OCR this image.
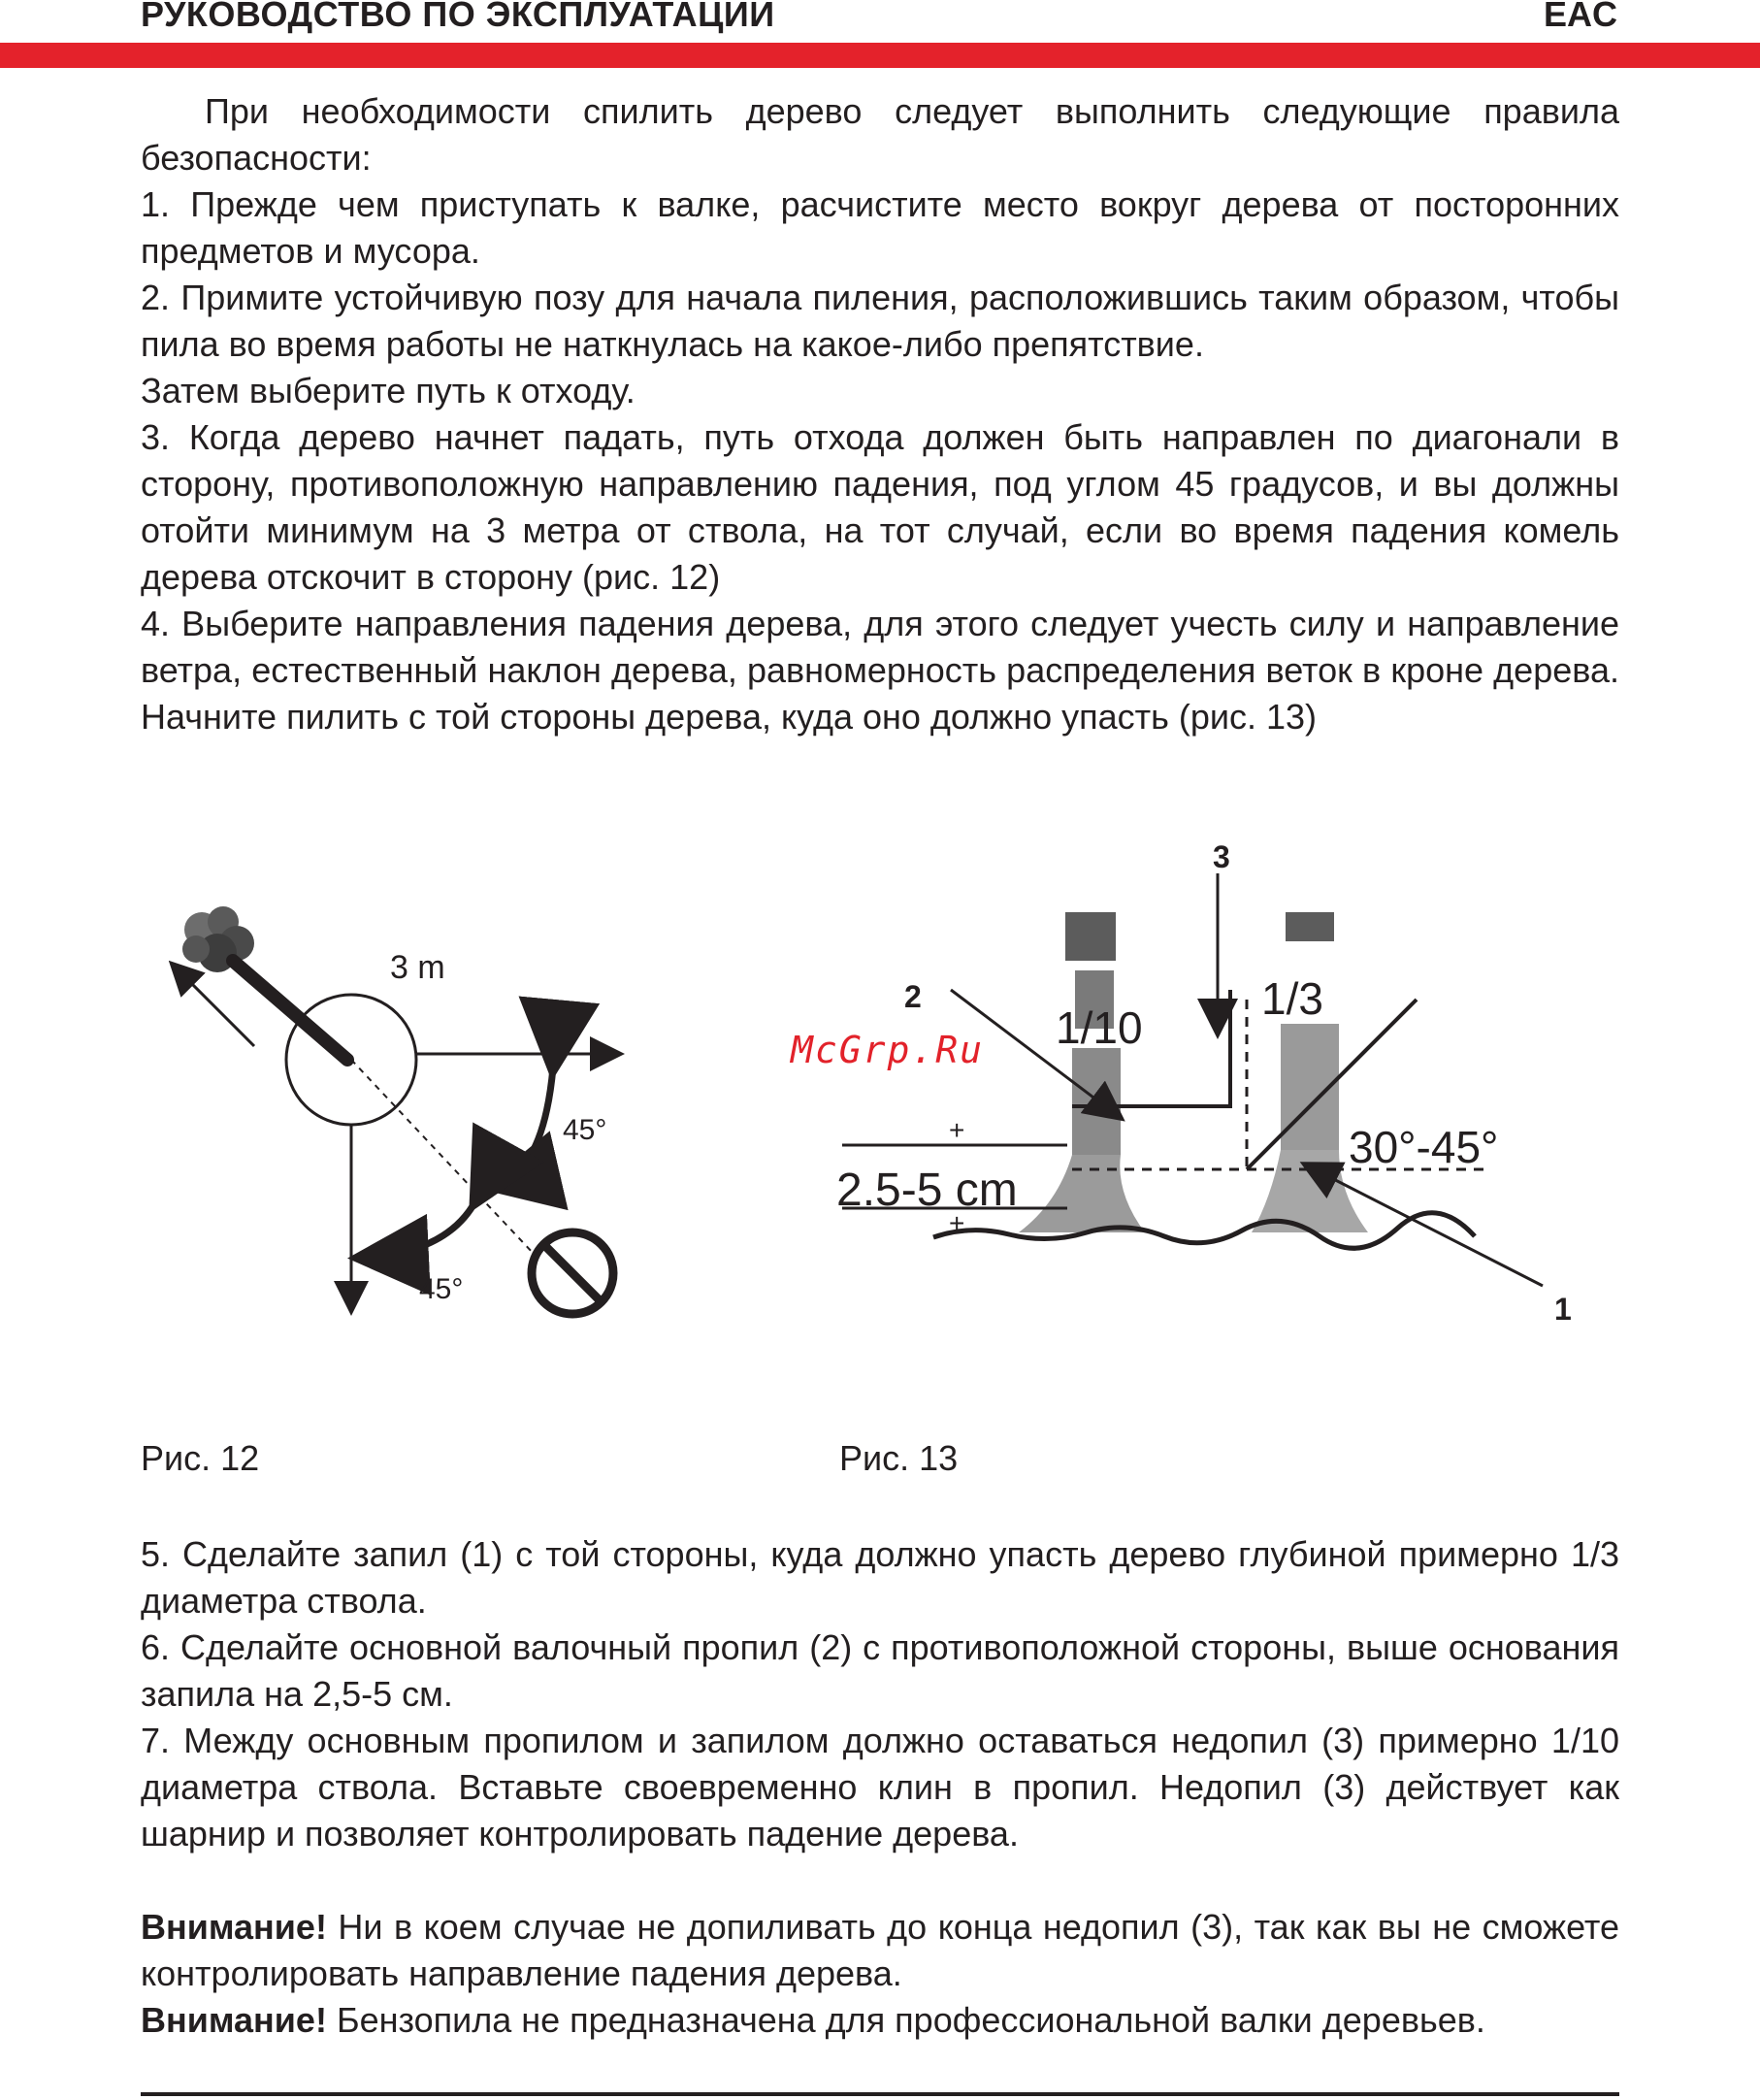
РУКОВОДСТВО ПО ЭКСПЛУАТАЦИИ	EAC

При необходимости спилить дерево следует выполнить следующие правила безопасности:

1. Прежде чем приступать к валке, расчистите место вокруг дерева от посторонних предметов и мусора.

2. Примите устойчивую позу для начала пиления, расположившись таким образом, чтобы пила во время работы не наткнулась на какое-либо препятствие.

Затем выберите путь к отходу.

3. Когда дерево начнет падать, путь отхода должен быть направлен по диагонали в сторону, противоположную направлению падения, под углом 45 градусов, и вы должны отойти минимум на 3 метра от ствола, на тот случай, если во время падения комель дерева отскочит в сторону (рис. 12)

4. Выберите направления падения дерева, для этого следует учесть силу и направление ветра, естественный наклон дерева, равномерность распределения веток в кроне дерева. Начните пилить с той стороны дерева, куда оно должно упасть (рис. 13)

3 m
45°
45°
1/10
1/3
2.5-5 cm
30°-45°
+
+
2
3
1
McGrp.Ru
Рис. 12	Рис. 13

5. Сделайте запил (1) с той стороны, куда должно упасть дерево глубиной примерно 1/3 диаметра ствола.

6. Сделайте основной валочный пропил (2) с противоположной стороны, выше основания запила на 2,5-5 см.

7. Между основным пропилом и запилом должно оставаться недопил (3) примерно 1/10 диаметра ствола. Вставьте своевременно клин в пропил. Недопил (3) действует как шарнир и позволяет контролировать падение дерева.

Внимание! Ни в коем случае не допиливать до конца недопил (3), так как вы не сможете контролировать направление падения дерева.

Внимание! Бензопила не предназначена для профессиональной валки деревьев.
